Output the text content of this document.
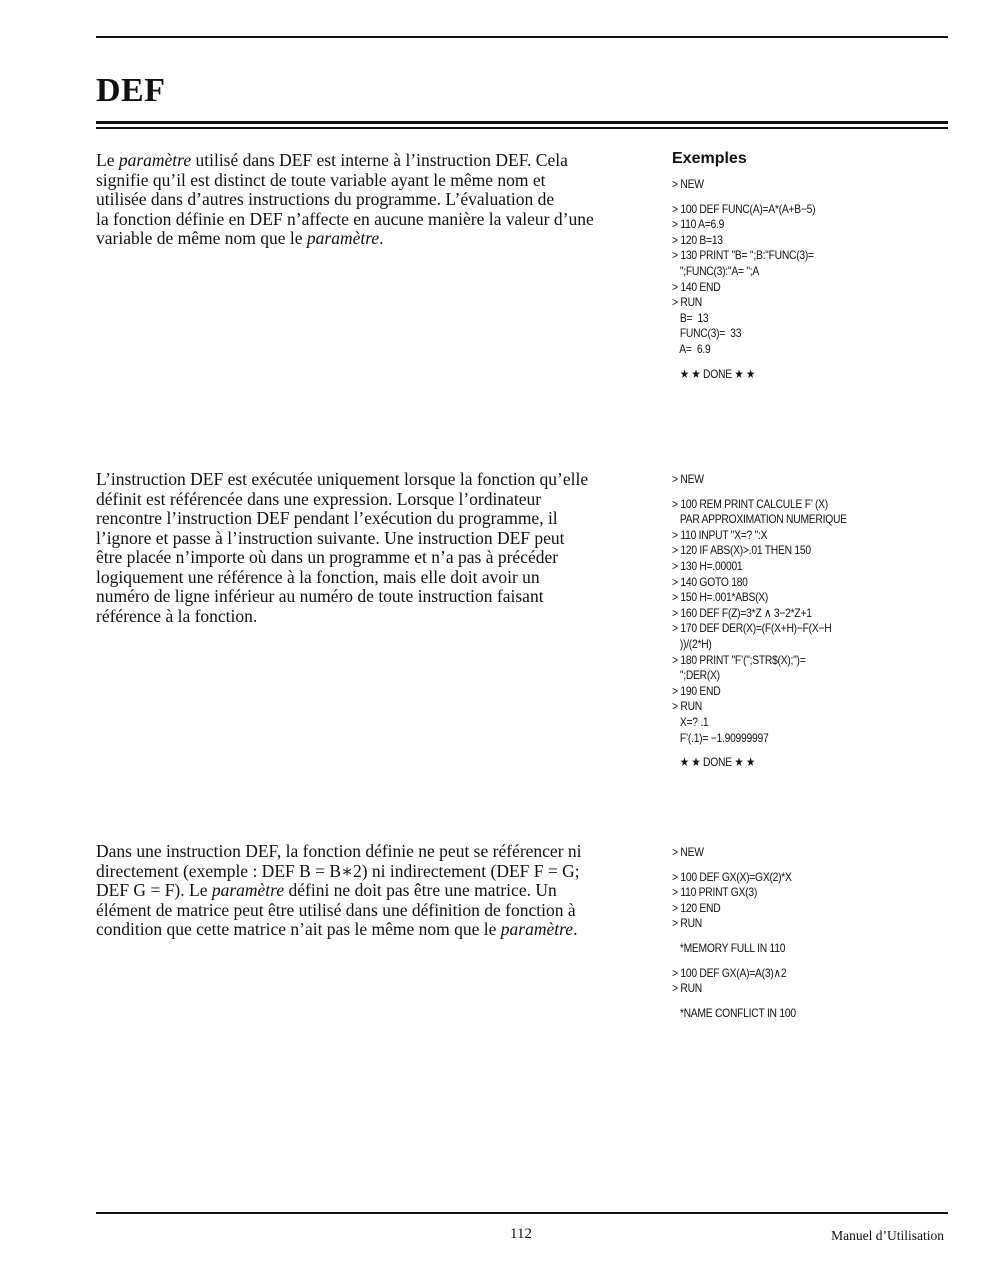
DEF
Le paramètre utilisé dans DEF est interne à l’instruction DEF. Cela
signifie qu’il est distinct de toute variable ayant le même nom et
utilisée dans d’autres instructions du programme. L’évaluation de
la fonction définie en DEF n’affecte en aucune manière la valeur d’une
variable de même nom que le paramètre.
Exemples
> NEW
> 100 DEF FUNC(A)=A*(A+B−5)
> 110 A=6.9
> 120 B=13
> 130 PRINT "B= ";B:"FUNC(3)=
";FUNC(3):"A= ";A
> 140 END
> RUN
B=  13
FUNC(3)=  33
A=  6.9
★ ★ DONE ★ ★
L’instruction DEF est exécutée uniquement lorsque la fonction qu’elle
définit est référencée dans une expression. Lorsque l’ordinateur
rencontre l’instruction DEF pendant l’exécution du programme, il
l’ignore et passe à l’instruction suivante. Une instruction DEF peut
être placée n’importe où dans un programme et n’a pas à précéder
logiquement une référence à la fonction, mais elle doit avoir un
numéro de ligne inférieur au numéro de toute instruction faisant
référence à la fonction.
> NEW
> 100 REM PRINT CALCULE F’ (X)
PAR APPROXIMATION NUMERIQUE
> 110 INPUT "X=? ":X
> 120 IF ABS(X)>.01 THEN 150
> 130 H=.00001
> 140 GOTO 180
> 150 H=.001*ABS(X)
> 160 DEF F(Z)=3*Z ∧ 3−2*Z+1
> 170 DEF DER(X)=(F(X+H)−F(X−H
))/(2*H)
> 180 PRINT "F’(";STR$(X);")=
";DER(X)
> 190 END
> RUN
X=? .1
F’(.1)= −1.90999997
★ ★ DONE ★ ★
Dans une instruction DEF, la fonction définie ne peut se référencer ni
directement (exemple : DEF B = B∗2) ni indirectement (DEF F = G;
DEF G = F). Le paramètre défini ne doit pas être une matrice. Un
élément de matrice peut être utilisé dans une définition de fonction à
condition que cette matrice n’ait pas le même nom que le paramètre.
> NEW
> 100 DEF GX(X)=GX(2)*X
> 110 PRINT GX(3)
> 120 END
> RUN
*MEMORY FULL IN 110
> 100 DEF GX(A)=A(3)∧2
> RUN
*NAME CONFLICT IN 100
112	Manuel d’Utilisation
